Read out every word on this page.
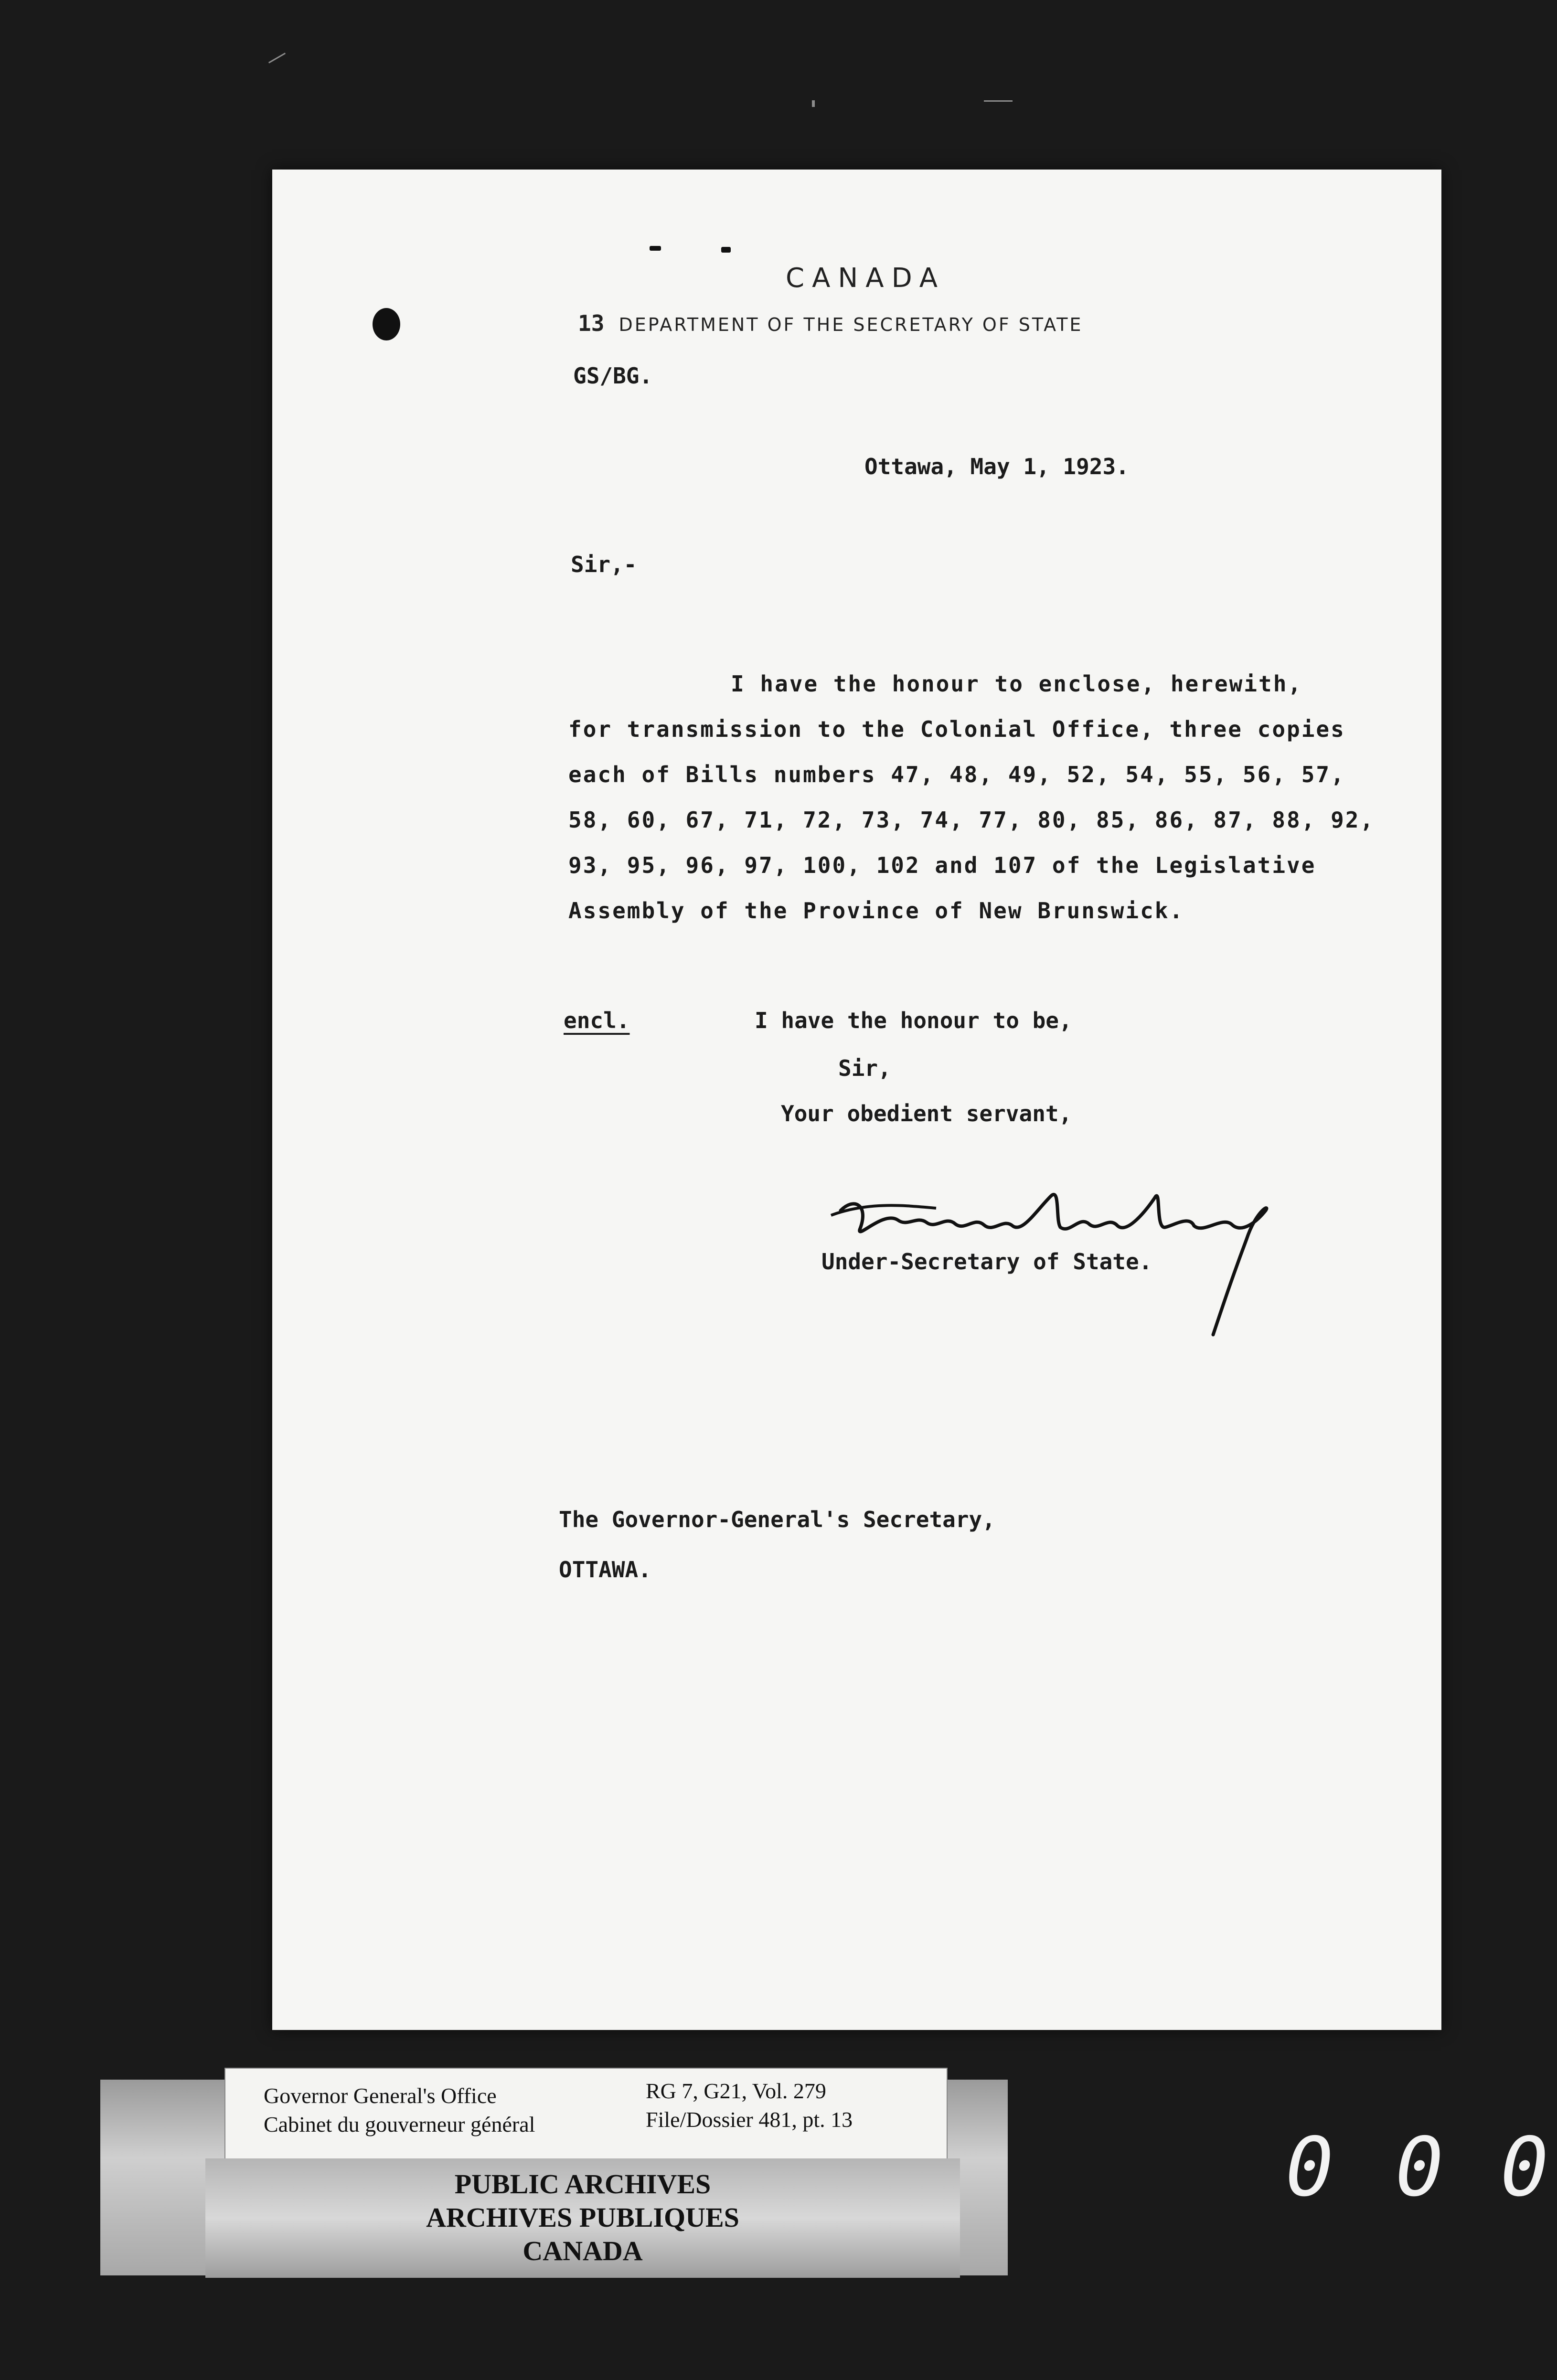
CANADA
13 DEPARTMENT OF THE SECRETARY OF STATE
GS/BG.
Ottawa, May 1, 1923.
Sir,-
I have the honour to enclose, herewith,
for transmission to the Colonial Office, three copies
each of Bills numbers 47, 48, 49, 52, 54, 55, 56, 57,
58, 60, 67, 71, 72, 73, 74, 77, 80, 85, 86, 87, 88, 92,
93, 95, 96, 97, 100, 102 and 107 of the Legislative
Assembly of the Province of New Brunswick.
encl.	I have the honour to be,
Sir,
Your obedient servant,
Under-Secretary of State.
The Governor-General's Secretary,
OTTAWA.
Governor General's Office
Cabinet du gouverneur général
RG 7, G21, Vol. 279
File/Dossier 481, pt. 13
PUBLIC ARCHIVES
ARCHIVES PUBLIQUES
CANADA
0 0 0
